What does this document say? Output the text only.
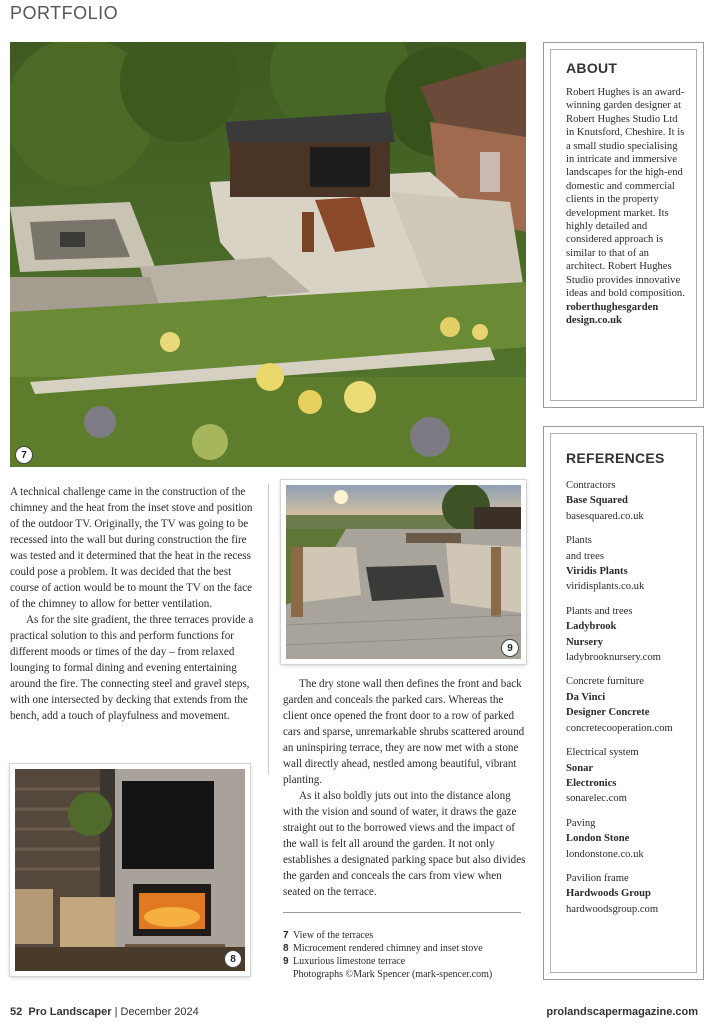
PORTFOLIO
7

A technical challenge came in the construction of the chimney and the heat from the inset stove and position of the outdoor TV. Originally, the TV was going to be recessed into the wall but during construction the fire was tested and it determined that the heat in the recess could pose a problem. It was decided that the best course of action would be to mount the TV on the face of the chimney to allow for better ventilation.

As for the site gradient, the three terraces provide a practical solution to this and perform functions for different moods or times of the day – from relaxed lounging to formal dining and evening entertaining around the fire. The connecting steel and gravel steps, with one intersected by decking that extends from the bench, add a touch of playfulness and movement.

8
9

The dry stone wall then defines the front and back garden and conceals the parked cars. Whereas the client once opened the front door to a row of parked cars and sparse, unremarkable shrubs scattered around an uninspiring terrace, they are now met with a stone wall directly ahead, nestled among beautiful, vibrant planting.

As it also boldly juts out into the distance along with the vision and sound of water, it draws the gaze straight out to the borrowed views and the impact of the wall is felt all around the garden. It not only establishes a designated parking space but also divides the garden and conceals the cars from view when seated on the terrace.

7 View of the terraces
8 Microcement rendered chimney and inset stove
9 Luxurious limestone terrace
Photographs ©Mark Spencer (mark-spencer.com)
ABOUT
Robert Hughes is an award-winning garden designer at Robert Hughes Studio Ltd in Knutsford, Cheshire. It is a small studio specialising in intricate and immersive landscapes for the high-end domestic and commercial clients in the property development market. Its highly detailed and considered approach is similar to that of an architect. Robert Hughes Studio provides innovative ideas and bold composition.
roberthughesgarden
design.co.uk
REFERENCES
Contractors
Base Squared
basesquared.co.uk
Plants
and trees
Viridis Plants
viridisplants.co.uk
Plants and trees
Ladybrook
Nursery
ladybrooknursery.com
Concrete furniture
Da Vinci
Designer Concrete
concretecooperation.com
Electrical system
Sonar
Electronics
sonarelec.com
Paving
London Stone
londonstone.co.uk
Pavilion frame
Hardwoods Group
hardwoodsgroup.com
52 Pro Landscaper | December 2024	prolandscapermagazine.com
